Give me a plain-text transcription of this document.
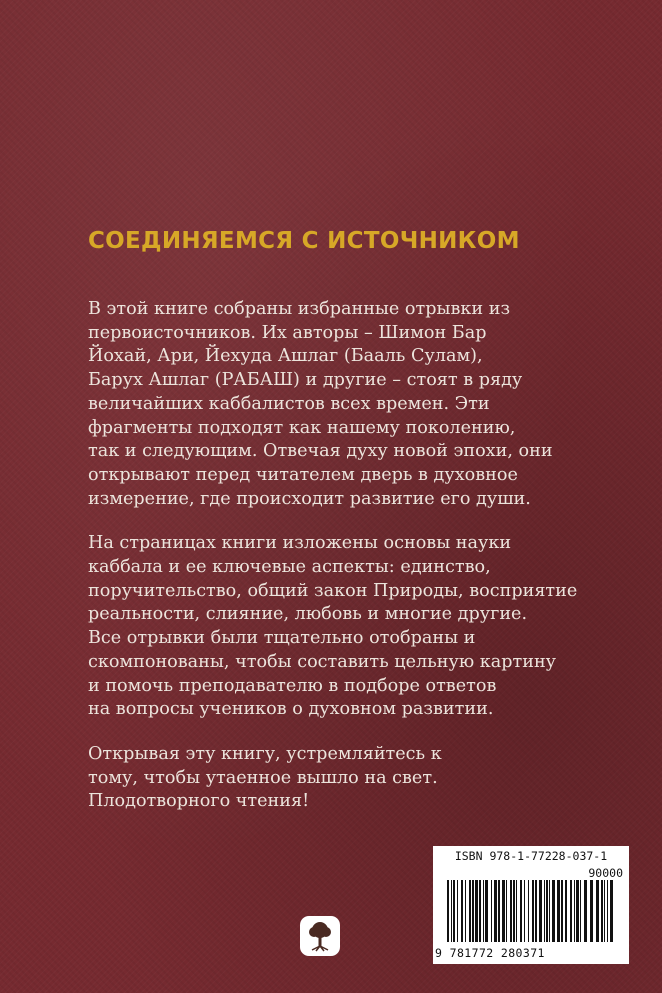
СОЕДИНЯЕМСЯ С ИСТОЧНИКОМ

В этой книге собраны избранные отрывки из
первоисточников. Их авторы – Шимон Бар
Йохай, Ари, Йехуда Ашлаг (Бааль Сулам),
Барух Ашлаг (РАБАШ) и другие – стоят в ряду
величайших каббалистов всех времен. Эти
фрагменты подходят как нашему поколению,
так и следующим. Отвечая духу новой эпохи, они
открывают перед читателем дверь в духовное
измерение, где происходит развитие его души.

На страницах книги изложены основы науки
каббала и ее ключевые аспекты: единство,
поручительство, общий закон Природы, восприятие
реальности, слияние, любовь и многие другие.
Все отрывки были тщательно отобраны и
скомпонованы, чтобы составить цельную картину
и помочь преподавателю в подборе ответов
на вопросы учеников о духовном развитии.

Открывая эту книгу, устремляйтесь к
тому, чтобы утаенное вышло на свет.
Плодотворного чтения!

ISBN 978-1-77228-037-1
90000
9 781772 280371
